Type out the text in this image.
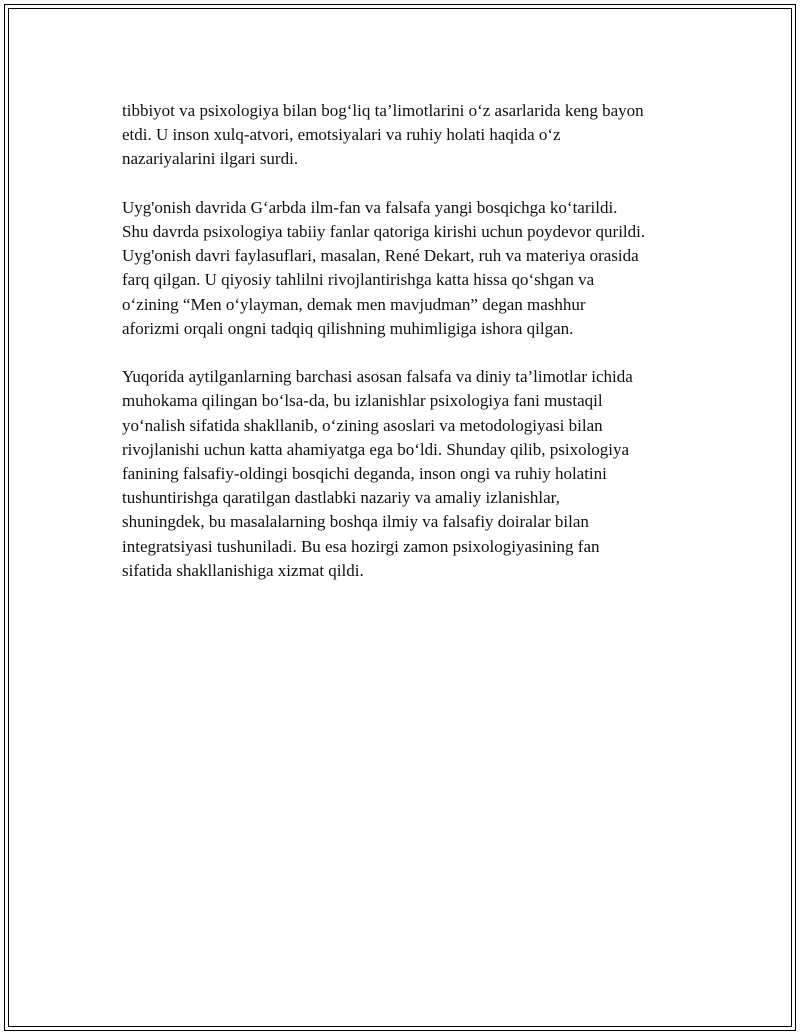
tibbiyot va psixologiya bilan bog‘liq ta’limotlarini o‘z asarlarida keng bayon
etdi. U inson xulq-atvori, emotsiyalari va ruhiy holati haqida o‘z
nazariyalarini ilgari surdi.

Uyg'onish davrida G‘arbda ilm-fan va falsafa yangi bosqichga ko‘tarildi.
Shu davrda psixologiya tabiiy fanlar qatoriga kirishi uchun poydevor qurildi.
Uyg'onish davri faylasuflari, masalan, René Dekart, ruh va materiya orasida
farq qilgan. U qiyosiy tahlilni rivojlantirishga katta hissa qo‘shgan va
o‘zining “Men o‘ylayman, demak men mavjudman” degan mashhur
aforizmi orqali ongni tadqiq qilishning muhimligiga ishora qilgan.

Yuqorida aytilganlarning barchasi asosan falsafa va diniy ta’limotlar ichida
muhokama qilingan bo‘lsa-da, bu izlanishlar psixologiya fani mustaqil
yo‘nalish sifatida shakllanib, o‘zining asoslari va metodologiyasi bilan
rivojlanishi uchun katta ahamiyatga ega bo‘ldi. Shunday qilib, psixologiya
fanining falsafiy-oldingi bosqichi deganda, inson ongi va ruhiy holatini
tushuntirishga qaratilgan dastlabki nazariy va amaliy izlanishlar,
shuningdek, bu masalalarning boshqa ilmiy va falsafiy doiralar bilan
integratsiyasi tushuniladi. Bu esa hozirgi zamon psixologiyasining fan
sifatida shakllanishiga xizmat qildi.
